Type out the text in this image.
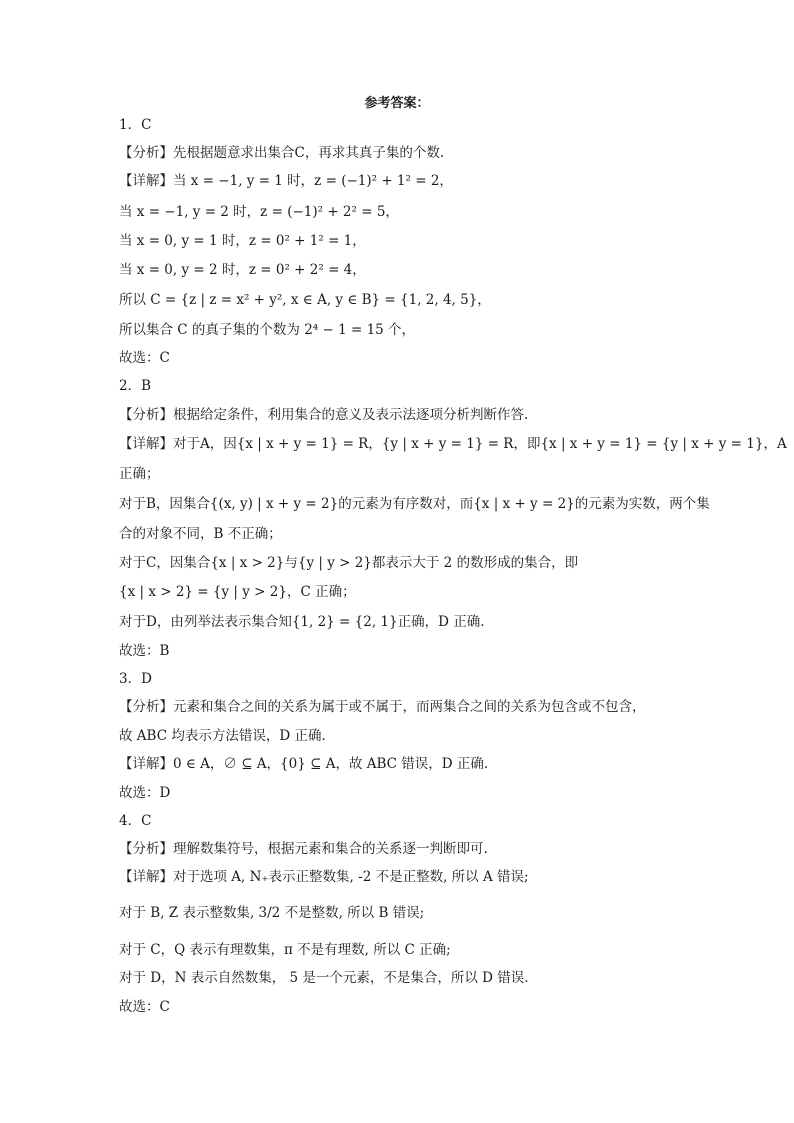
参考答案：
1．C
【分析】先根据题意求出集合C，再求其真子集的个数.
【详解】当 x = −1, y = 1 时，z = (−1)² + 1² = 2，
当 x = −1, y = 2 时，z = (−1)² + 2² = 5，
当 x = 0, y = 1 时，z = 0² + 1² = 1，
当 x = 0, y = 2 时，z = 0² + 2² = 4，
所以 C = {z | z = x² + y², x ∈ A, y ∈ B} = {1, 2, 4, 5}，
所以集合 C 的真子集的个数为 2⁴ − 1 = 15 个，
故选：C
2．B
【分析】根据给定条件，利用集合的意义及表示法逐项分析判断作答.
【详解】对于A，因{x | x + y = 1} = R，{y | x + y = 1} = R，即{x | x + y = 1} = {y | x + y = 1}，A
正确；
对于B，因集合{(x, y) | x + y = 2}的元素为有序数对，而{x | x + y = 2}的元素为实数，两个集
合的对象不同，B 不正确；
对于C，因集合{x | x > 2}与{y | y > 2}都表示大于 2 的数形成的集合，即
{x | x > 2} = {y | y > 2}，C 正确；
对于D，由列举法表示集合知{1, 2} = {2, 1}正确，D 正确.
故选：B
3．D
【分析】元素和集合之间的关系为属于或不属于，而两集合之间的关系为包含或不包含，
故 ABC 均表示方法错误，D 正确.
【详解】0 ∈ A，∅ ⊆ A，{0} ⊆ A，故 ABC 错误，D 正确.
故选：D
4．C
【分析】理解数集符号，根据元素和集合的关系逐一判断即可.
【详解】对于选项 A, N₊表示正整数集, -2 不是正整数, 所以 A 错误;
对于 B, Z 表示整数集, 3/2 不是整数, 所以 B 错误;
对于 C，Q 表示有理数集，π 不是有理数, 所以 C 正确;
对于 D，N 表示自然数集， 5 是一个元素，不是集合，所以 D 错误.
故选：C
